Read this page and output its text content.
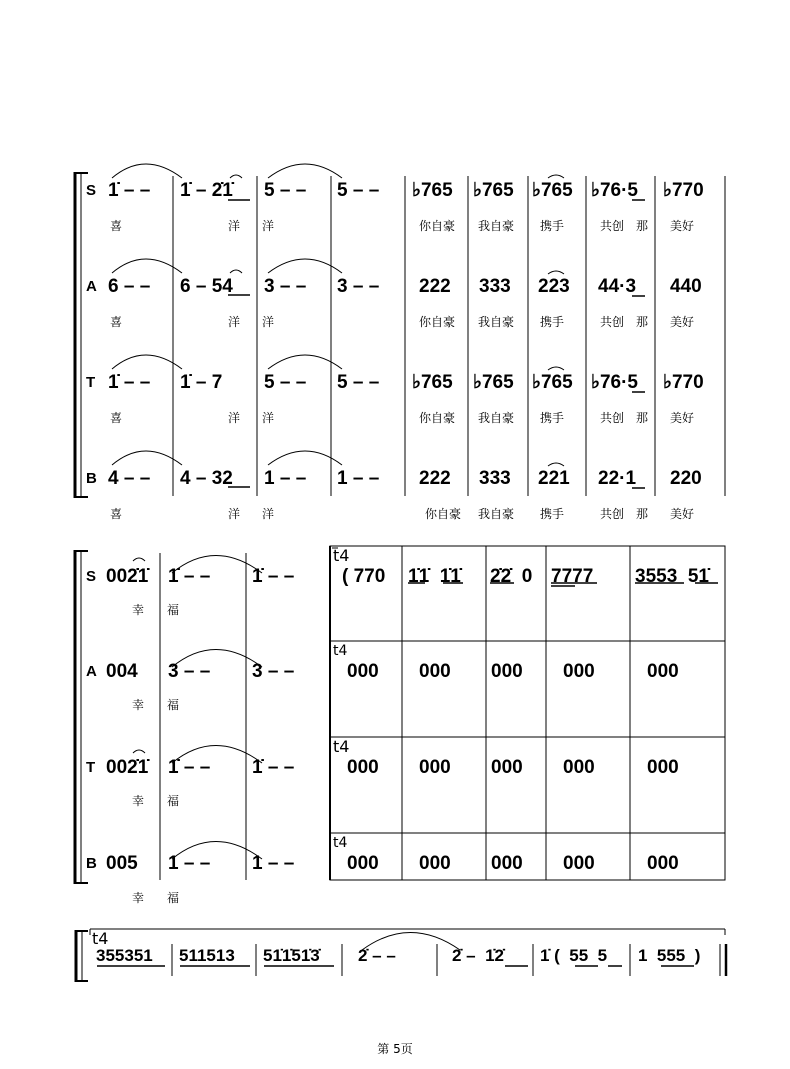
S 1̇ – – 1̇ – 2̇1̇ 5 – – 5 – – ♭765 ♭765 ♭765 ♭76·5 ♭770
喜	洋 洋	你自豪 我自豪 携手	共创 那 美好
A 6 – – 6 – 54 3 – – 3 – – 222 333 223 44·3 440
喜	洋 洋	你自豪 我自豪 携手	共创 那 美好
T 1̇ – – 1̇ – 7 5 – – 5 – – ♭765 ♭765 ♭765 ♭76·5 ♭770
喜	洋 洋	你自豪 我自豪 携手	共创 那 美好
B 4 – – 4 – 32 1 – – 1 – – 222 333 221 22·1 220
喜	洋 洋	你自豪 我自豪 携手	共创 那 美好
t4
t4
t4
t4
S 002̇1̇ 1̇ – – 1̇ – – ( 770 1̇1̇  1̇1̇ 2̇2̇  0 7777 3553  51̇
幸 福
A 004 3 – – 3 – – 000 000 000 000	000
幸 福
T 002̇1̇ 1̇ – – 1̇ – – 000 000 000 000	000
幸 福
B 005 1 – – 1 – – 000 000 000 000	000
幸 福
t4
355351 511513 51̇1̇51̇3̇ 2̇ – –	2̇ –  1̇2̇ 1̇ (  55  5 1  555  )
第 5页
